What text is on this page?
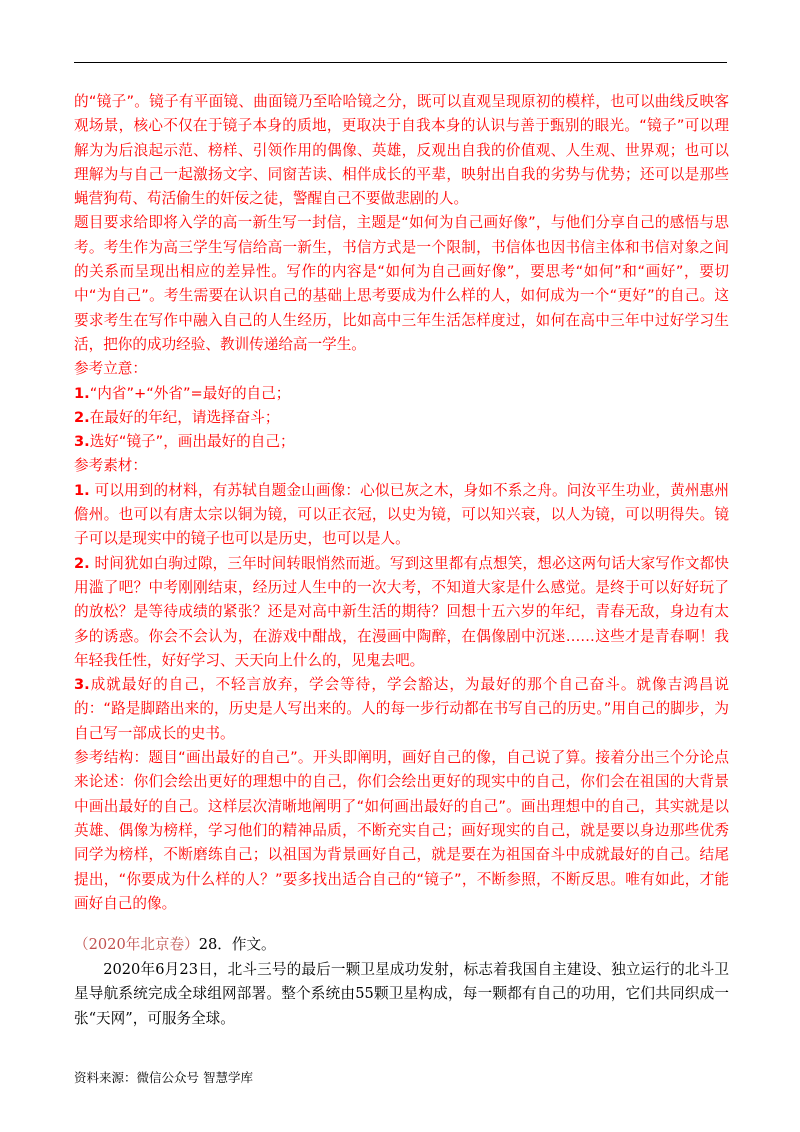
的“镜子”。镜子有平面镜、曲面镜乃至哈哈镜之分，既可以直观呈现原初的模样，也可以曲线反映客观场景，核心不仅在于镜子本身的质地，更取决于自我本身的认识与善于甄别的眼光。“镜子”可以理解为为后浪起示范、榜样、引领作用的偶像、英雄，反观出自我的价值观、人生观、世界观；也可以理解为与自己一起激扬文字、同窗苦读、相伴成长的平辈，映射出自我的劣势与优势；还可以是那些蝇营狗苟、苟活偷生的奸佞之徒，警醒自己不要做悲剧的人。

题目要求给即将入学的高一新生写一封信，主题是“如何为自己画好像”，与他们分享自己的感悟与思考。考生作为高三学生写信给高一新生，书信方式是一个限制，书信体也因书信主体和书信对象之间的关系而呈现出相应的差异性。写作的内容是“如何为自己画好像”，要思考“如何”和“画好”，要切中“为自己”。考生需要在认识自己的基础上思考要成为什么样的人，如何成为一个“更好”的自己。这要求考生在写作中融入自己的人生经历，比如高中三年生活怎样度过，如何在高中三年中过好学习生活，把你的成功经验、教训传递给高一学生。

参考立意：

1.“内省”+“外省”=最好的自己；

2.在最好的年纪，请选择奋斗；

3.选好“镜子”，画出最好的自己；

参考素材：

1. 可以用到的材料，有苏轼自题金山画像：心似已灰之木，身如不系之舟。问汝平生功业，黄州惠州儋州。也可以有唐太宗以铜为镜，可以正衣冠，以史为镜，可以知兴衰，以人为镜，可以明得失。镜子可以是现实中的镜子也可以是历史，也可以是人。

2. 时间犹如白驹过隙，三年时间转眼悄然而逝。写到这里都有点想笑，想必这两句话大家写作文都快用滥了吧？中考刚刚结束，经历过人生中的一次大考，不知道大家是什么感觉。是终于可以好好玩了的放松？是等待成绩的紧张？还是对高中新生活的期待？回想十五六岁的年纪，青春无敌，身边有太多的诱惑。你会不会认为，在游戏中酣战，在漫画中陶醉，在偶像剧中沉迷……这些才是青春啊！我年轻我任性，好好学习、天天向上什么的，见鬼去吧。

3.成就最好的自己，不轻言放弃，学会等待，学会豁达，为最好的那个自己奋斗。就像吉鸿昌说的：“路是脚踏出来的，历史是人写出来的。人的每一步行动都在书写自己的历史。”用自己的脚步，为自己写一部成长的史书。

参考结构：题目“画出最好的自己”。开头即阐明，画好自己的像，自己说了算。接着分出三个分论点来论述：你们会绘出更好的理想中的自己，你们会绘出更好的现实中的自己，你们会在祖国的大背景中画出最好的自己。这样层次清晰地阐明了“如何画出最好的自己”。画出理想中的自己，其实就是以英雄、偶像为榜样，学习他们的精神品质，不断充实自己；画好现实的自己，就是要以身边那些优秀同学为榜样，不断磨练自己；以祖国为背景画好自己，就是要在为祖国奋斗中成就最好的自己。结尾提出，“你要成为什么样的人？”要多找出适合自己的“镜子”，不断参照，不断反思。唯有如此，才能画好自己的像。

（2020年北京卷）28．作文。

2020年6月23日，北斗三号的最后一颗卫星成功发射，标志着我国自主建设、独立运行的北斗卫星导航系统完成全球组网部署。整个系统由55颗卫星构成，每一颗都有自己的功用，它们共同织成一张“天网”，可服务全球。

资料来源：微信公众号 智慧学库
